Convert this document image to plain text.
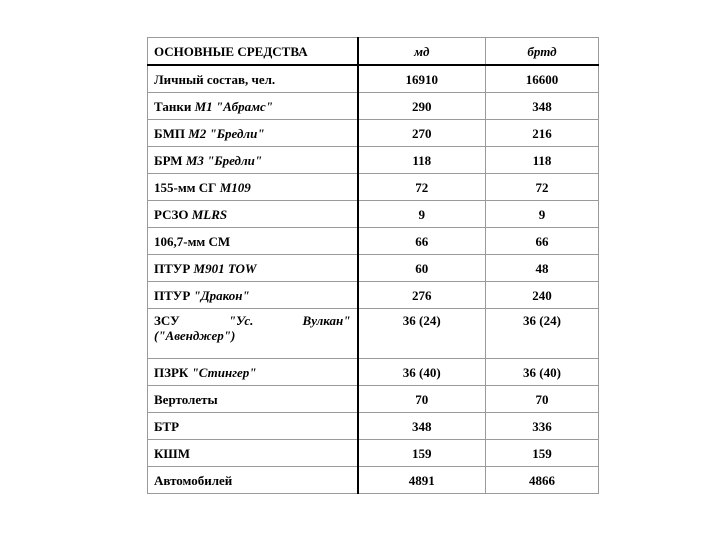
ОСНОВНЫЕ СРЕДСТВА	мд	бртд
Личный состав, чел.	16910	16600
Танки М1 "Абрамс"	290	348
БМП М2 "Бредли"	270	216
БРМ М3 "Бредли"	118	118
155-мм СГ М109	72	72
РСЗО MLRS	9	9
106,7-мм СМ	66	66
ПТУР М901 TOW	60	48
ПТУР "Дракон"	276	240

ЗСУ "Ус. Вулкан"
("Авенджер")	36 (24)	36 (24)
ПЗРК "Стингер"	36 (40)	36 (40)
Вертолеты	70	70
БТР	348	336
КШМ	159	159
Автомобилей	4891	4866
